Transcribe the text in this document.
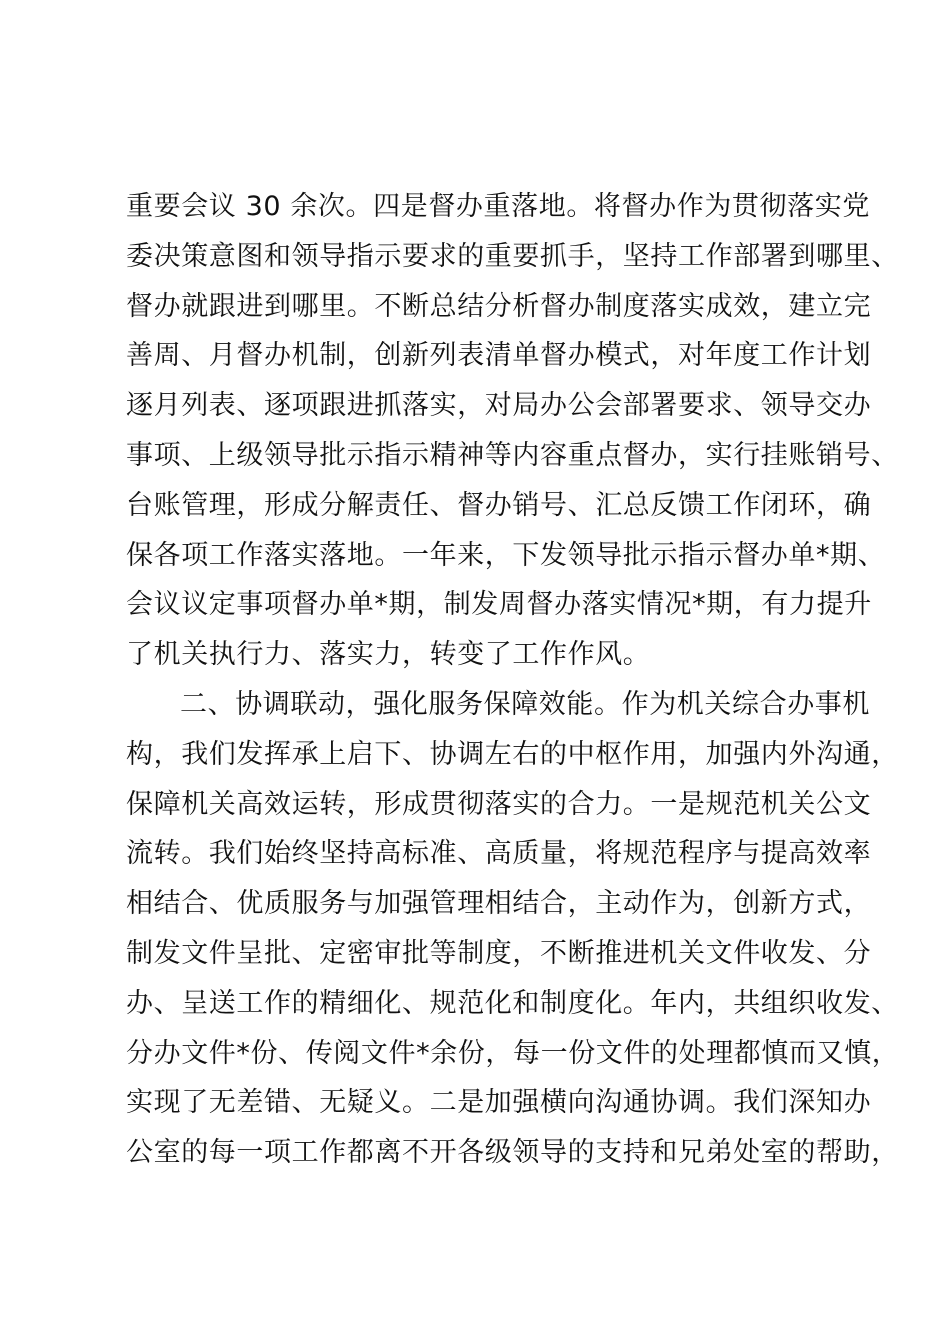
重要会议 30 余次。四是督办重落地。将督办作为贯彻落实党
委决策意图和领导指示要求的重要抓手，坚持工作部署到哪里、
督办就跟进到哪里。不断总结分析督办制度落实成效，建立完
善周、月督办机制，创新列表清单督办模式，对年度工作计划
逐月列表、逐项跟进抓落实，对局办公会部署要求、领导交办
事项、上级领导批示指示精神等内容重点督办，实行挂账销号、
台账管理，形成分解责任、督办销号、汇总反馈工作闭环，确
保各项工作落实落地。一年来，下发领导批示指示督办单*期、
会议议定事项督办单*期，制发周督办落实情况*期，有力提升
了机关执行力、落实力，转变了工作作风。
二、协调联动，强化服务保障效能。作为机关综合办事机
构，我们发挥承上启下、协调左右的中枢作用，加强内外沟通，
保障机关高效运转，形成贯彻落实的合力。一是规范机关公文
流转。我们始终坚持高标准、高质量，将规范程序与提高效率
相结合、优质服务与加强管理相结合，主动作为，创新方式，
制发文件呈批、定密审批等制度，不断推进机关文件收发、分
办、呈送工作的精细化、规范化和制度化。年内，共组织收发、
分办文件*份、传阅文件*余份，每一份文件的处理都慎而又慎，
实现了无差错、无疑义。二是加强横向沟通协调。我们深知办
公室的每一项工作都离不开各级领导的支持和兄弟处室的帮助，
